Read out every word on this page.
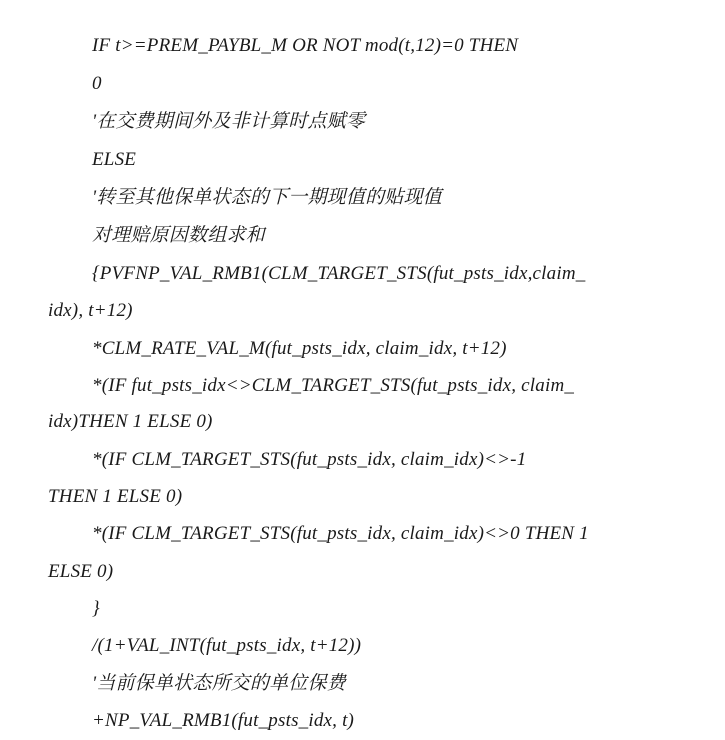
IF t>=PREM_PAYBL_M OR NOT mod(t,12)=0 THEN
0
'在交费期间外及非计算时点赋零
ELSE
'转至其他保单状态的下一期现值的贴现值
对理赔原因数组求和
{PVFNP_VAL_RMB1(CLM_TARGET_STS(fut_psts_idx,claim_
idx), t+12)
*CLM_RATE_VAL_M(fut_psts_idx, claim_idx, t+12)
*(IF fut_psts_idx<>CLM_TARGET_STS(fut_psts_idx, claim_
idx)THEN 1 ELSE 0)
*(IF CLM_TARGET_STS(fut_psts_idx, claim_idx)<>-1
THEN 1 ELSE 0)
*(IF CLM_TARGET_STS(fut_psts_idx, claim_idx)<>0 THEN 1
ELSE 0)
}
/(1+VAL_INT(fut_psts_idx, t+12))
'当前保单状态所交的单位保费
+NP_VAL_RMB1(fut_psts_idx, t)
